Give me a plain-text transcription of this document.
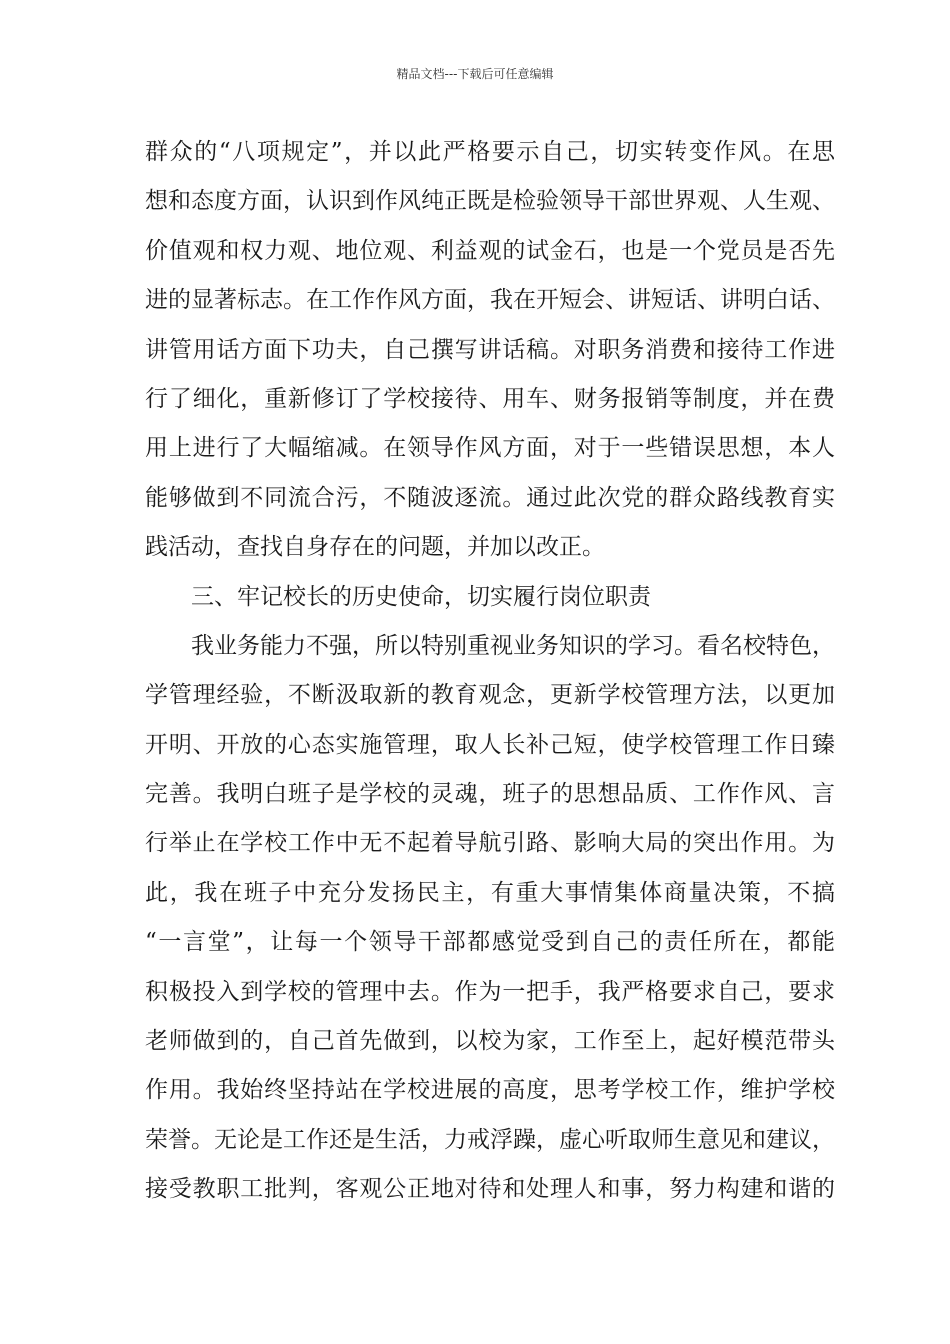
精品文档---下载后可任意编辑
群众的“八项规定”，并以此严格要示自己，切实转变作风。在思
想和态度方面，认识到作风纯正既是检验领导干部世界观、人生观、
价值观和权力观、地位观、利益观的试金石，也是一个党员是否先
进的显著标志。在工作作风方面，我在开短会、讲短话、讲明白话、
讲管用话方面下功夫，自己撰写讲话稿。对职务消费和接待工作进
行了细化，重新修订了学校接待、用车、财务报销等制度，并在费
用上进行了大幅缩减。在领导作风方面，对于一些错误思想，本人
能够做到不同流合污，不随波逐流。通过此次党的群众路线教育实
践活动，查找自身存在的问题，并加以改正。
三、牢记校长的历史使命，切实履行岗位职责
我业务能力不强，所以特别重视业务知识的学习。看名校特色，
学管理经验，不断汲取新的教育观念，更新学校管理方法，以更加
开明、开放的心态实施管理，取人长补己短，使学校管理工作日臻
完善。我明白班子是学校的灵魂，班子的思想品质、工作作风、言
行举止在学校工作中无不起着导航引路、影响大局的突出作用。为
此，我在班子中充分发扬民主，有重大事情集体商量决策，不搞
“一言堂”，让每一个领导干部都感觉受到自己的责任所在，都能
积极投入到学校的管理中去。作为一把手，我严格要求自己，要求
老师做到的，自己首先做到，以校为家，工作至上，起好模范带头
作用。我始终坚持站在学校进展的高度，思考学校工作，维护学校
荣誉。无论是工作还是生活，力戒浮躁，虚心听取师生意见和建议，
接受教职工批判，客观公正地对待和处理人和事，努力构建和谐的
